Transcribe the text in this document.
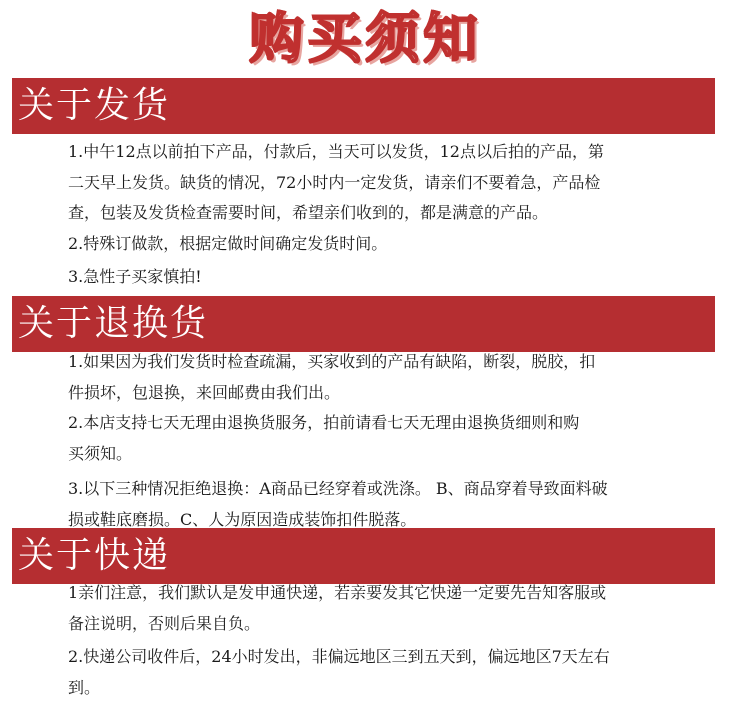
购买须知
关于发货
1.中午12点以前拍下产品，付款后，当天可以发货，12点以后拍的产品，第
二天早上发货。缺货的情况，72小时内一定发货，请亲们不要着急，产品检
查，包装及发货检查需要时间，希望亲们收到的，都是满意的产品。
2.特殊订做款，根据定做时间确定发货时间。
3.急性子买家慎拍!
关于退换货
1.如果因为我们发货时检查疏漏，买家收到的产品有缺陷，断裂，脱胶，扣
件损坏，包退换，来回邮费由我们出。
2.本店支持七天无理由退换货服务，拍前请看七天无理由退换货细则和购
买须知。
3.以下三种情况拒绝退换：A商品已经穿着或洗涤。 B、商品穿着导致面料破
损或鞋底磨损。C、人为原因造成装饰扣件脱落。
关于快递
1亲们注意，我们默认是发申通快递，若亲要发其它快递一定要先告知客服或
备注说明，否则后果自负。
2.快递公司收件后，24小时发出，非偏远地区三到五天到，偏远地区7天左右
到。
